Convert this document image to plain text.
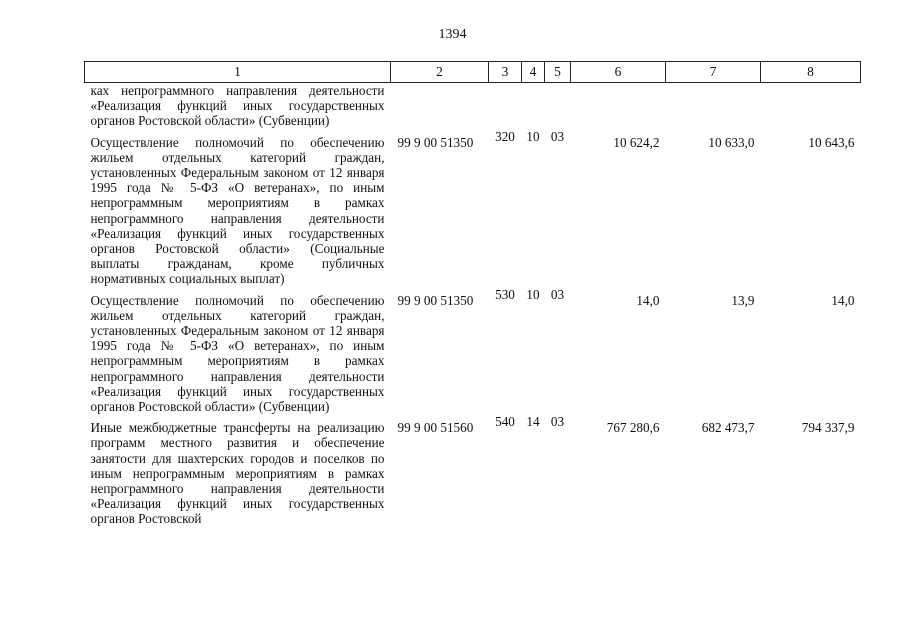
1394
1	2	3	4	5	6	7	8
ках непрограммного направления деятельности «Реализация функций иных государственных органов Ростовской области» (Субвенции)							
Осуществление полномочий по обеспечению жильем отдельных категорий граждан, установленных Федеральным законом от 12 января 1995 года № 5-ФЗ «О ветеранах», по иным непрограммным мероприятиям в рамках непрограммного направления деятельности «Реализация функций иных государственных органов Ростовской области» (Социальные выплаты гражданам, кроме публичных нормативных социальных выплат)	99 9 00 51350	320	10	03	10 624,2	10 633,0	10 643,6
Осуществление полномочий по обеспечению жильем отдельных категорий граждан, установленных Федеральным законом от 12 января 1995 года № 5-ФЗ «О ветеранах», по иным непрограммным мероприятиям в рамках непрограммного направления деятельности «Реализация функций иных государственных органов Ростовской области» (Субвенции)	99 9 00 51350	530	10	03	14,0	13,9	14,0
Иные межбюджетные трансферты на реализацию программ местного развития и обеспечение занятости для шахтерских городов и поселков по иным непрограммным мероприятиям в рамках непрограммного направления деятельности «Реализация функций иных государственных органов Ростовской	99 9 00 51560	540	14	03	767 280,6	682 473,7	794 337,9
